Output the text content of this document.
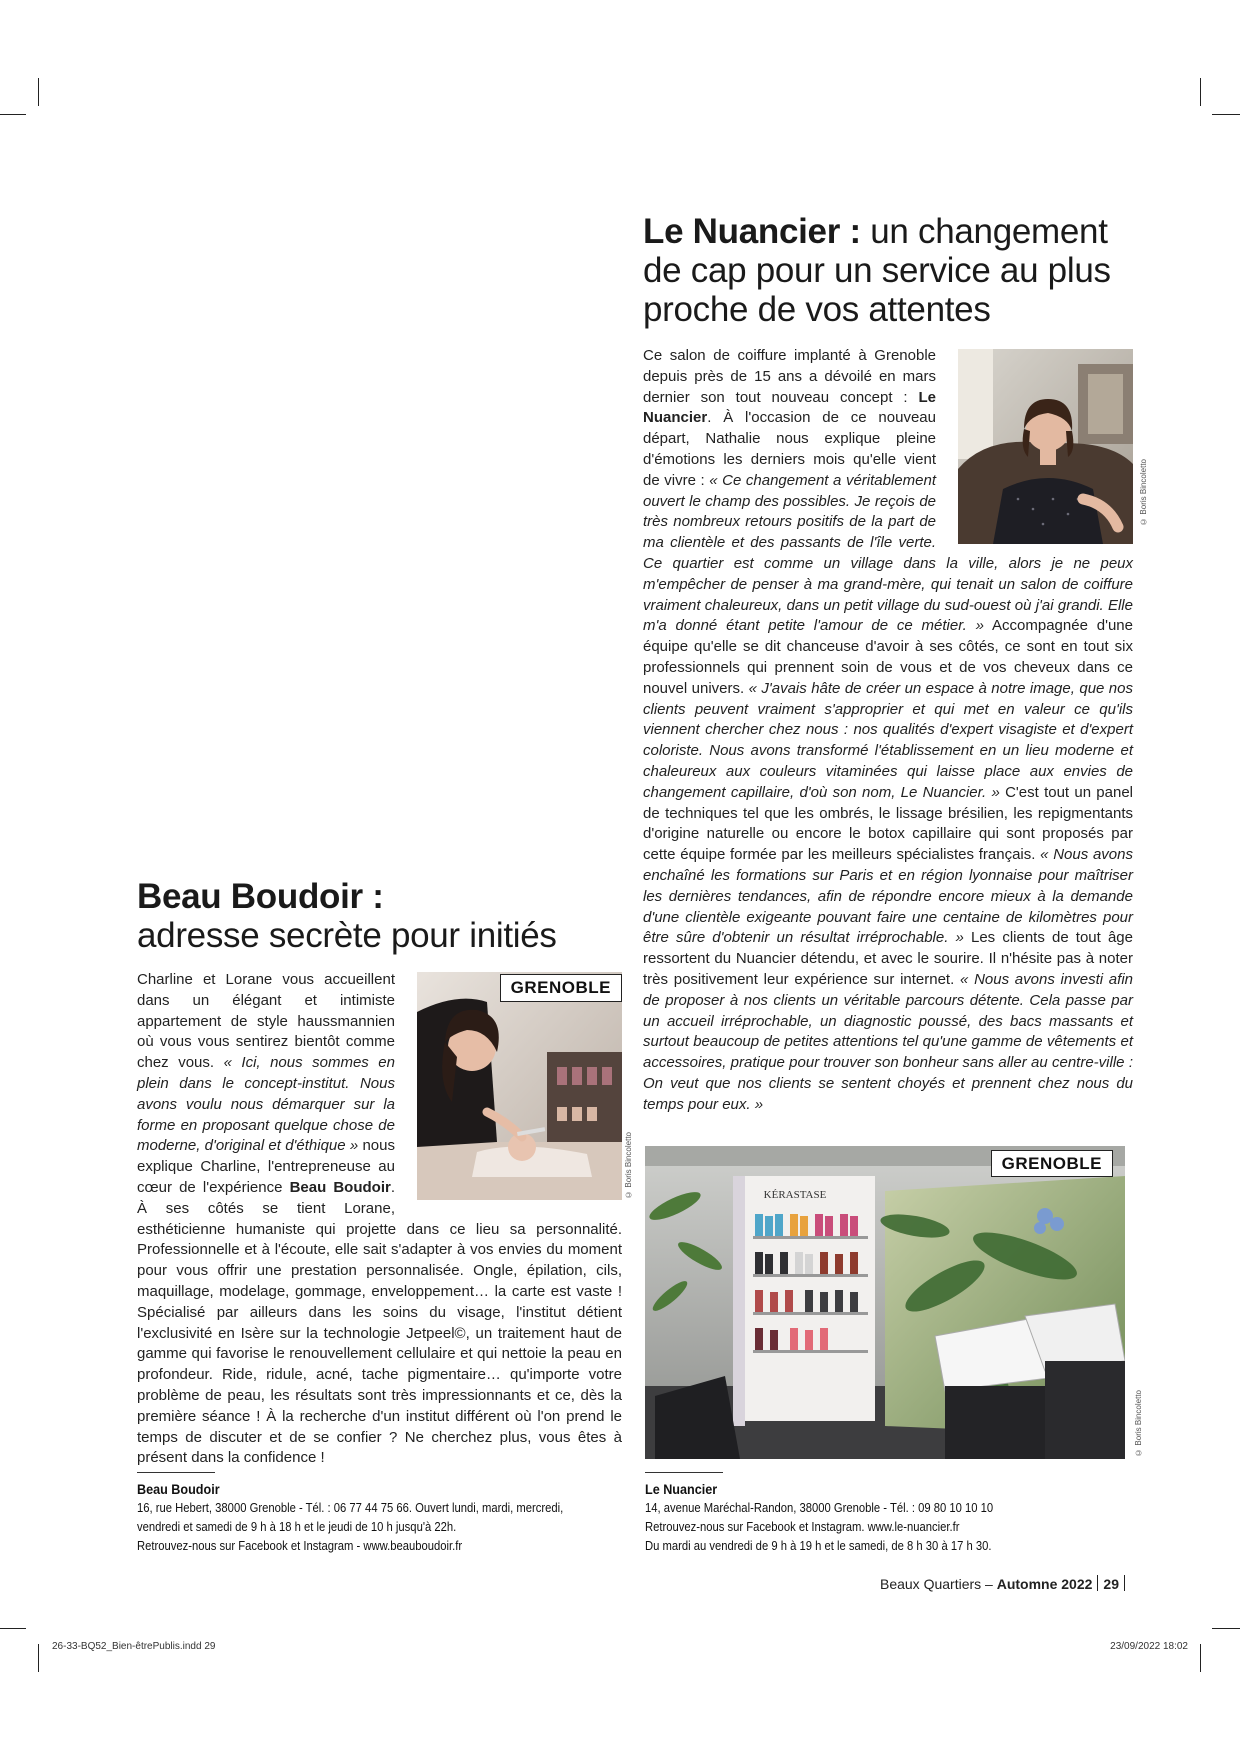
Le Nuancier : un changement de cap pour un service au plus proche de vos attentes
© Boris Bincoletto
Ce salon de coiffure implanté à Grenoble depuis près de 15 ans a dévoilé en mars dernier son tout nouveau concept : Le Nuancier. À l'occasion de ce nouveau départ, Nathalie nous explique pleine d'émotions les derniers mois qu'elle vient de vivre : « Ce changement a véritablement ouvert le champ des possibles. Je reçois de très nombreux retours positifs de la part de ma clientèle et des passants de l'île verte. Ce quartier est comme un village dans la ville, alors je ne peux m'empêcher de penser à ma grand-mère, qui tenait un salon de coiffure vraiment chaleureux, dans un petit village du sud-ouest où j'ai grandi. Elle m'a donné étant petite l'amour de ce métier. » Accompagnée d'une équipe qu'elle se dit chanceuse d'avoir à ses côtés, ce sont en tout six professionnels qui prennent soin de vous et de vos cheveux dans ce nouvel univers. « J'avais hâte de créer un espace à notre image, que nos clients peuvent vraiment s'approprier et qui met en valeur ce qu'ils viennent chercher chez nous : nos qualités d'expert visagiste et d'expert coloriste. Nous avons transformé l'établissement en un lieu moderne et chaleureux aux couleurs vitaminées qui laisse place aux envies de changement capillaire, d'où son nom, Le Nuancier. » C'est tout un panel de techniques tel que les ombrés, le lissage brésilien, les repigmentants d'origine naturelle ou encore le botox capillaire qui sont proposés par cette équipe formée par les meilleurs spécialistes français. « Nous avons enchaîné les formations sur Paris et en région lyonnaise pour maîtriser les dernières tendances, afin de répondre encore mieux à la demande d'une clientèle exigeante pouvant faire une centaine de kilomètres pour être sûre d'obtenir un résultat irréprochable. » Les clients de tout âge ressortent du Nuancier détendu, et avec le sourire. Il n'hésite pas à noter très positivement leur expérience sur internet. « Nous avons investi afin de proposer à nos clients un véritable parcours détente. Cela passe par un accueil irréprochable, un diagnostic poussé, des bacs massants et surtout beaucoup de petites attentions tel qu'une gamme de vêtements et accessoires, pratique pour trouver son bonheur sans aller au centre-ville : On veut que nos clients se sentent choyés et prennent chez nous du temps pour eux. »
KÉRASTASE
GRENOBLE
© Boris Bincoletto
Le Nuancier
14, avenue Maréchal-Randon, 38000 Grenoble - Tél. : 09 80 10 10 10
Retrouvez-nous sur Facebook et Instagram. www.le-nuancier.fr
Du mardi au vendredi de 9 h à 19 h et le samedi, de 8 h 30 à 17 h 30.
Beau Boudoir :
adresse secrète pour initiés
GRENOBLE
© Boris Bincoletto
Charline et Lorane vous accueillent dans un élégant et intimiste appartement de style haussmannien où vous vous sentirez bientôt comme chez vous. « Ici, nous sommes en plein dans le concept-institut. Nous avons voulu nous démarquer sur la forme en proposant quelque chose de moderne, d'original et d'éthique » nous explique Charline, l'entrepreneuse au cœur de l'expérience Beau Boudoir. À ses côtés se tient Lorane, esthéticienne humaniste qui projette dans ce lieu sa personnalité. Professionnelle et à l'écoute, elle sait s'adapter à vos envies du moment pour vous offrir une prestation personnalisée. Ongle, épilation, cils, maquillage, modelage, gommage, enveloppement… la carte est vaste ! Spécialisé par ailleurs dans les soins du visage, l'institut détient l'exclusivité en Isère sur la technologie Jetpeel©, un traitement haut de gamme qui favorise le renouvellement cellulaire et qui nettoie la peau en profondeur. Ride, ridule, acné, tache pigmentaire… qu'importe votre problème de peau, les résultats sont très impressionnants et ce, dès la première séance ! À la recherche d'un institut différent où l'on prend le temps de discuter et de se confier ? Ne cherchez plus, vous êtes à présent dans la confidence !
Beau Boudoir
16, rue Hebert, 38000 Grenoble - Tél. : 06 77 44 75 66. Ouvert lundi, mardi, mercredi,
vendredi et samedi de 9 h à 18 h et le jeudi de 10 h jusqu'à 22h.
Retrouvez-nous sur Facebook et Instagram - www.beauboudoir.fr
Beaux Quartiers – Automne 2022 29
26-33-BQ52_Bien-êtrePublis.indd 29	23/09/2022 18:02
